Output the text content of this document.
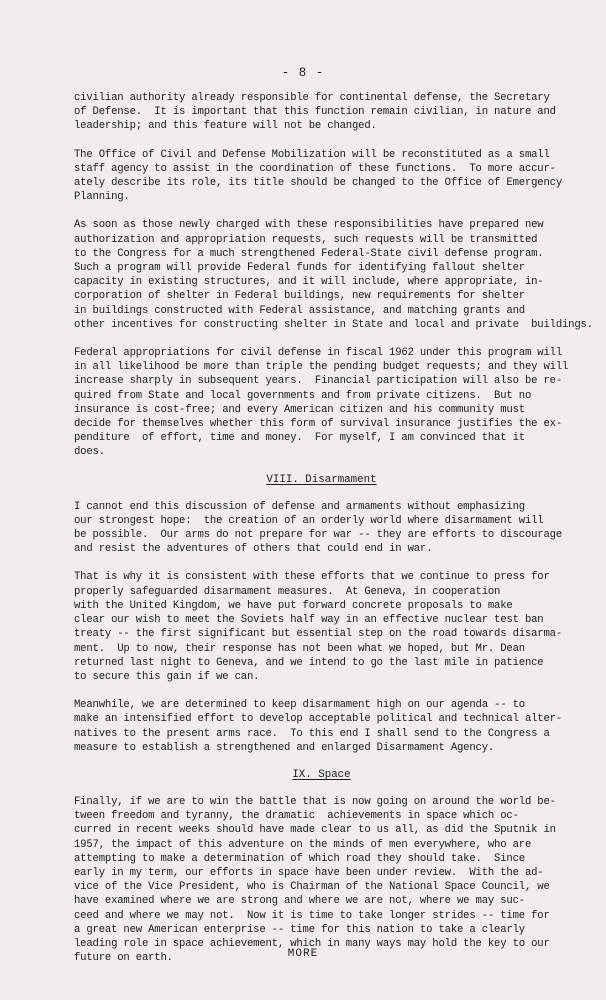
- 8 -
civilian authority already responsible for continental defense, the Secretary
of Defense.  It is important that this function remain civilian, in nature and
leadership; and this feature will not be changed.
The Office of Civil and Defense Mobilization will be reconstituted as a small
staff agency to assist in the coordination of these functions.  To more accur-
ately describe its role, its title should be changed to the Office of Emergency
Planning.
As soon as those newly charged with these responsibilities have prepared new
authorization and appropriation requests, such requests will be transmitted
to the Congress for a much strengthened Federal-State civil defense program.
Such a program will provide Federal funds for identifying fallout shelter
capacity in existing structures, and it will include, where appropriate, in-
corporation of shelter in Federal buildings, new requirements for shelter
in buildings constructed with Federal assistance, and matching grants and
other incentives for constructing shelter in State and local and private  buildings.
Federal appropriations for civil defense in fiscal 1962 under this program will
in all likelihood be more than triple the pending budget requests; and they will
increase sharply in subsequent years.  Financial participation will also be re-
quired from State and local governments and from private citizens.  But no
insurance is cost-free; and every American citizen and his community must
decide for themselves whether this form of survival insurance justifies the ex-
penditure  of effort, time and money.  For myself, I am convinced that it
does.
VIII. Disarmament
I cannot end this discussion of defense and armaments without emphasizing
our strongest hope:  the creation of an orderly world where disarmament will
be possible.  Our arms do not prepare for war -- they are efforts to discourage
and resist the adventures of others that could end in war.
That is why it is consistent with these efforts that we continue to press for
properly safeguarded disarmament measures.  At Geneva, in cooperation
with the United Kingdom, we have put forward concrete proposals to make
clear our wish to meet the Soviets half way in an effective nuclear test ban
treaty -- the first significant but essential step on the road towards disarma-
ment.  Up to now, their response has not been what we hoped, but Mr. Dean
returned last night to Geneva, and we intend to go the last mile in patience
to secure this gain if we can.
Meanwhile, we are determined to keep disarmament high on our agenda -- to
make an intensified effort to develop acceptable political and technical alter-
natives to the present arms race.  To this end I shall send to the Congress a
measure to establish a strengthened and enlarged Disarmament Agency.
IX. Space
Finally, if we are to win the battle that is now going on around the world be-
tween freedom and tyranny, the dramatic  achievements in space which oc-
curred in recent weeks should have made clear to us all, as did the Sputnik in
1957, the impact of this adventure on the minds of men everywhere, who are
attempting to make a determination of which road they should take.  Since
early in my term, our efforts in space have been under review.  With the ad-
vice of the Vice President, who is Chairman of the National Space Council, we
have examined where we are strong and where we are not, where we may suc-
ceed and where we may not.  Now it is time to take longer strides -- time for
a great new American enterprise -- time for this nation to take a clearly
leading role in space achievement, which in many ways may hold the key to our
future on earth.	MORE
